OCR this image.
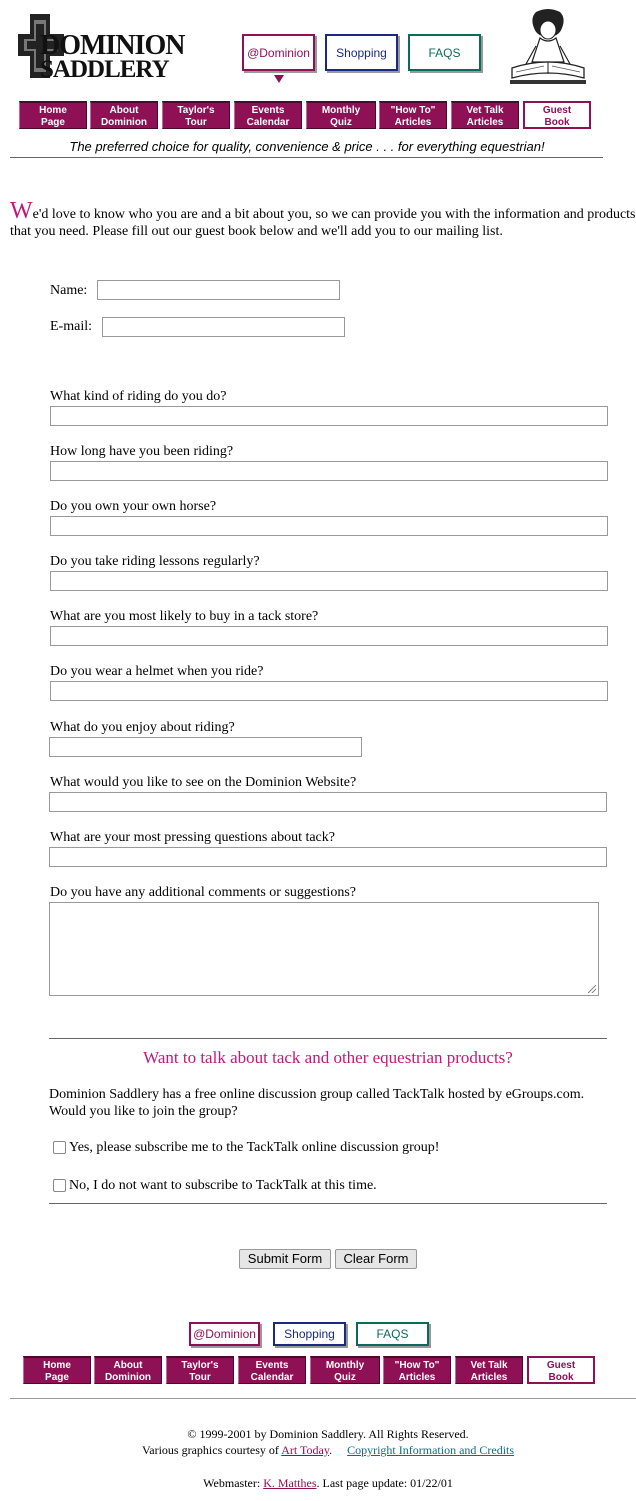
DOMINION
SADDLERY
@Dominion Shopping	FAQS
Home
Page
About
Dominion
Taylor's
Tour
Events
Calendar
Monthly
Quiz
"How To"
Articles
Vet Talk
Articles
Guest
Book
The preferred choice for quality, convenience & price . . . for everything equestrian!
We'd love to know who you are and a bit about you, so we can provide you with the information and products that you need. Please fill out our guest book below and we'll add you to our mailing list.
Name:
E-mail:
What kind of riding do you do?
How long have you been riding?
Do you own your own horse?
Do you take riding lessons regularly?
What are you most likely to buy in a tack store?
Do you wear a helmet when you ride?
What do you enjoy about riding?
What would you like to see on the Dominion Website?
What are your most pressing questions about tack?
Do you have any additional comments or suggestions?
Want to talk about tack and other equestrian products?
Dominion Saddlery has a free online discussion group called TackTalk hosted by eGroups.com. Would you like to join the group?
Yes, please subscribe me to the TackTalk online discussion group!
No, I do not want to subscribe to TackTalk at this time.
Submit Form	Clear Form
@Dominion Shopping	FAQS
Home
Page
About
Dominion
Taylor's
Tour
Events
Calendar
Monthly
Quiz
"How To"
Articles
Vet Talk
Articles
Guest
Book
© 1999-2001 by Dominion Saddlery. All Rights Reserved.
Various graphics courtesy of Art Today. Copyright Information and Credits
Webmaster: K. Matthes. Last page update: 01/22/01
